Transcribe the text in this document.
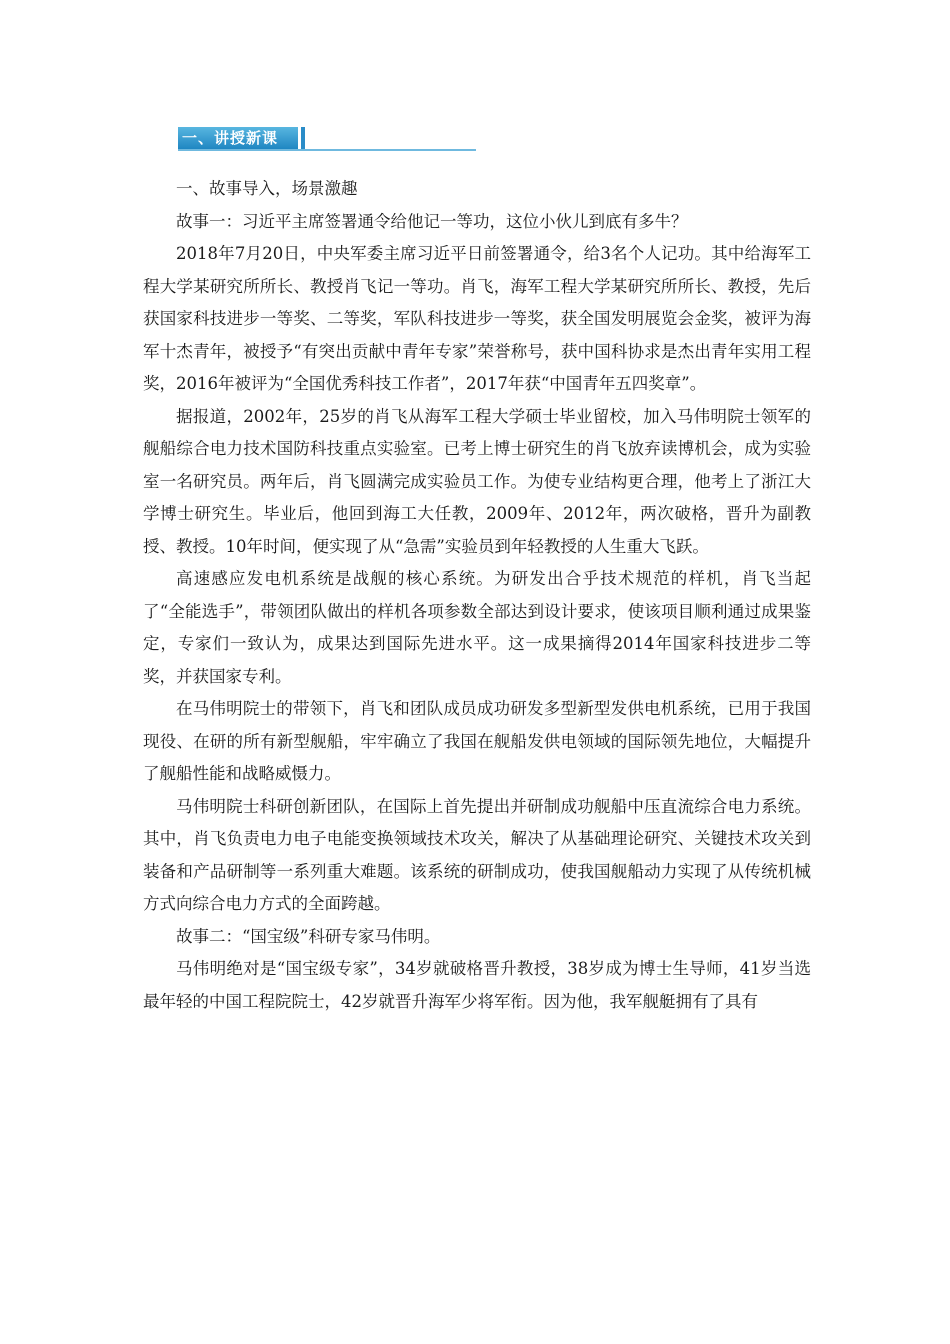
一、讲授新课

一、故事导入，场景激趣

故事一：习近平主席签署通令给他记一等功，这位小伙儿到底有多牛？

2018年7月20日，中央军委主席习近平日前签署通令，给3名个人记功。其中给海军工程大学某研究所所长、教授肖飞记一等功。肖飞，海军工程大学某研究所所长、教授，先后获国家科技进步一等奖、二等奖，军队科技进步一等奖，获全国发明展览会金奖，被评为海军十杰青年，被授予“有突出贡献中青年专家”荣誉称号，获中国科协求是杰出青年实用工程奖，2016年被评为“全国优秀科技工作者”，2017年获“中国青年五四奖章”。

据报道，2002年，25岁的肖飞从海军工程大学硕士毕业留校，加入马伟明院士领军的舰船综合电力技术国防科技重点实验室。已考上博士研究生的肖飞放弃读博机会，成为实验室一名研究员。两年后，肖飞圆满完成实验员工作。为使专业结构更合理，他考上了浙江大学博士研究生。毕业后，他回到海工大任教，2009年、2012年，两次破格，晋升为副教授、教授。10年时间，便实现了从“急需”实验员到年轻教授的人生重大飞跃。

高速感应发电机系统是战舰的核心系统。为研发出合乎技术规范的样机，肖飞当起了“全能选手”，带领团队做出的样机各项参数全部达到设计要求，使该项目顺利通过成果鉴定，专家们一致认为，成果达到国际先进水平。这一成果摘得2014年国家科技进步二等奖，并获国家专利。

在马伟明院士的带领下，肖飞和团队成员成功研发多型新型发供电机系统，已用于我国现役、在研的所有新型舰船，牢牢确立了我国在舰船发供电领域的国际领先地位，大幅提升了舰船性能和战略威慑力。

马伟明院士科研创新团队，在国际上首先提出并研制成功舰船中压直流综合电力系统。其中，肖飞负责电力电子电能变换领域技术攻关，解决了从基础理论研究、关键技术攻关到装备和产品研制等一系列重大难题。该系统的研制成功，使我国舰船动力实现了从传统机械方式向综合电力方式的全面跨越。

故事二：“国宝级”科研专家马伟明。

马伟明绝对是“国宝级专家”，34岁就破格晋升教授，38岁成为博士生导师，41岁当选最年轻的中国工程院院士，42岁就晋升海军少将军衔。因为他，我军舰艇拥有了具有
